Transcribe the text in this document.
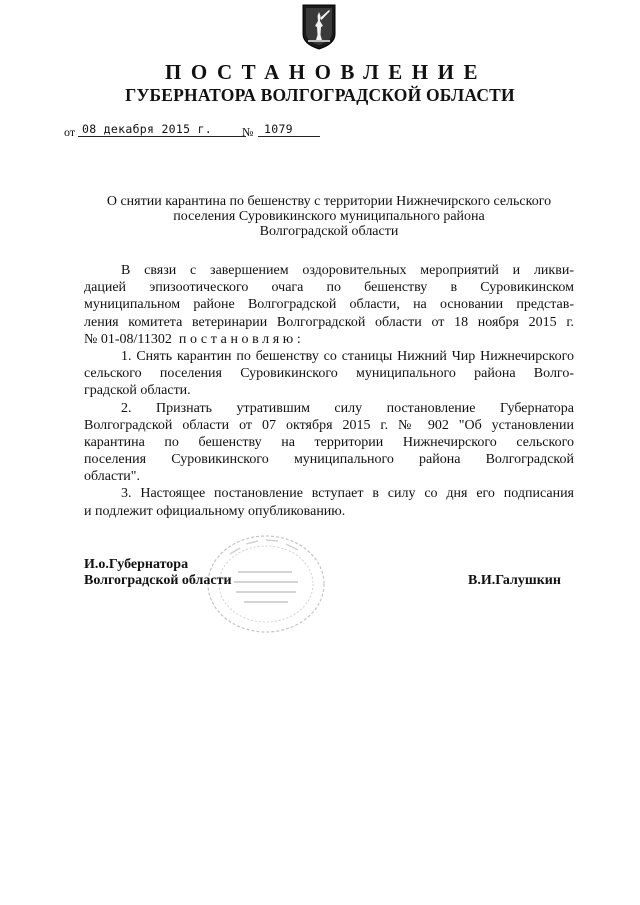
ПОСТАНОВЛЕНИЕ
ГУБЕРНАТОРА ВОЛГОГРАДСКОЙ ОБЛАСТИ
от 08 декабря 2015 г.	№ 1079
О снятии карантина по бешенству с территории Нижнечирского сельского
поселения Суровикинского муниципального района
Волгоградской области
В связи с завершением оздоровительных мероприятий и ликви-
дацией эпизоотического очага по бешенству в Суровикинском
муниципальном районе Волгоградской области, на основании представ-
ления комитета ветеринарии Волгоградской области от 18 ноября 2015 г.
№ 01-08/11302 постановляю:
1. Снять карантин по бешенству со станицы Нижний Чир Нижнечирского
сельского поселения Суровикинского муниципального района Волго-
градской области.
2. Признать утратившим силу постановление Губернатора
Волгоградской области от 07 октября 2015 г. № 902 "Об установлении
карантина по бешенству на территории Нижнечирского сельского
поселения Суровикинского муниципального района Волгоградской
области".
3. Настоящее постановление вступает в силу со дня его подписания
и подлежит официальному опубликованию.
И.о.Губернатора
Волгоградской области	В.И.Галушкин
